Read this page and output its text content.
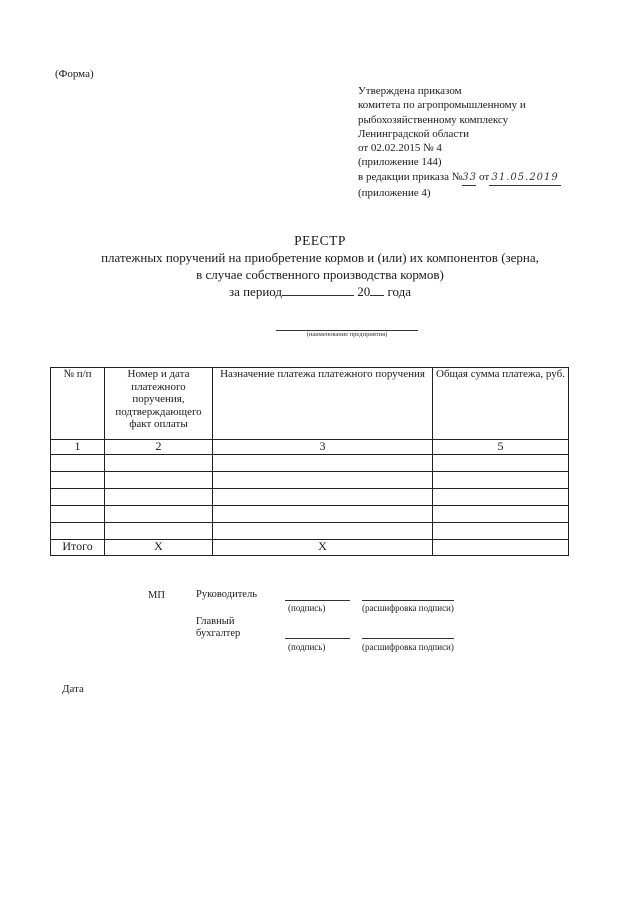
(Форма)
Утверждена приказом
комитета по агропромышленному и
рыбохозяйственному комплексу
Ленинградской области
от 02.02.2015 № 4
(приложение 144)
в редакции приказа №33 от 31.05.2019
(приложение 4)
РЕЕСТР
платежных поручений на приобретение кормов и (или) их компонентов (зерна,
в случае собственного производства кормов)
за период	20 года
(наименование предприятия)
№ п/п	Номер и дата платежного поручения, подтверждающего факт оплаты	Назначение платежа платежного поручения	Общая сумма платежа, руб.
1	2	3	5

Итого	Х	Х	
МП	Руководитель
(подпись)	(расшифровка подписи)
Главный
бухгалтер
(подпись)	(расшифровка подписи)
Дата
